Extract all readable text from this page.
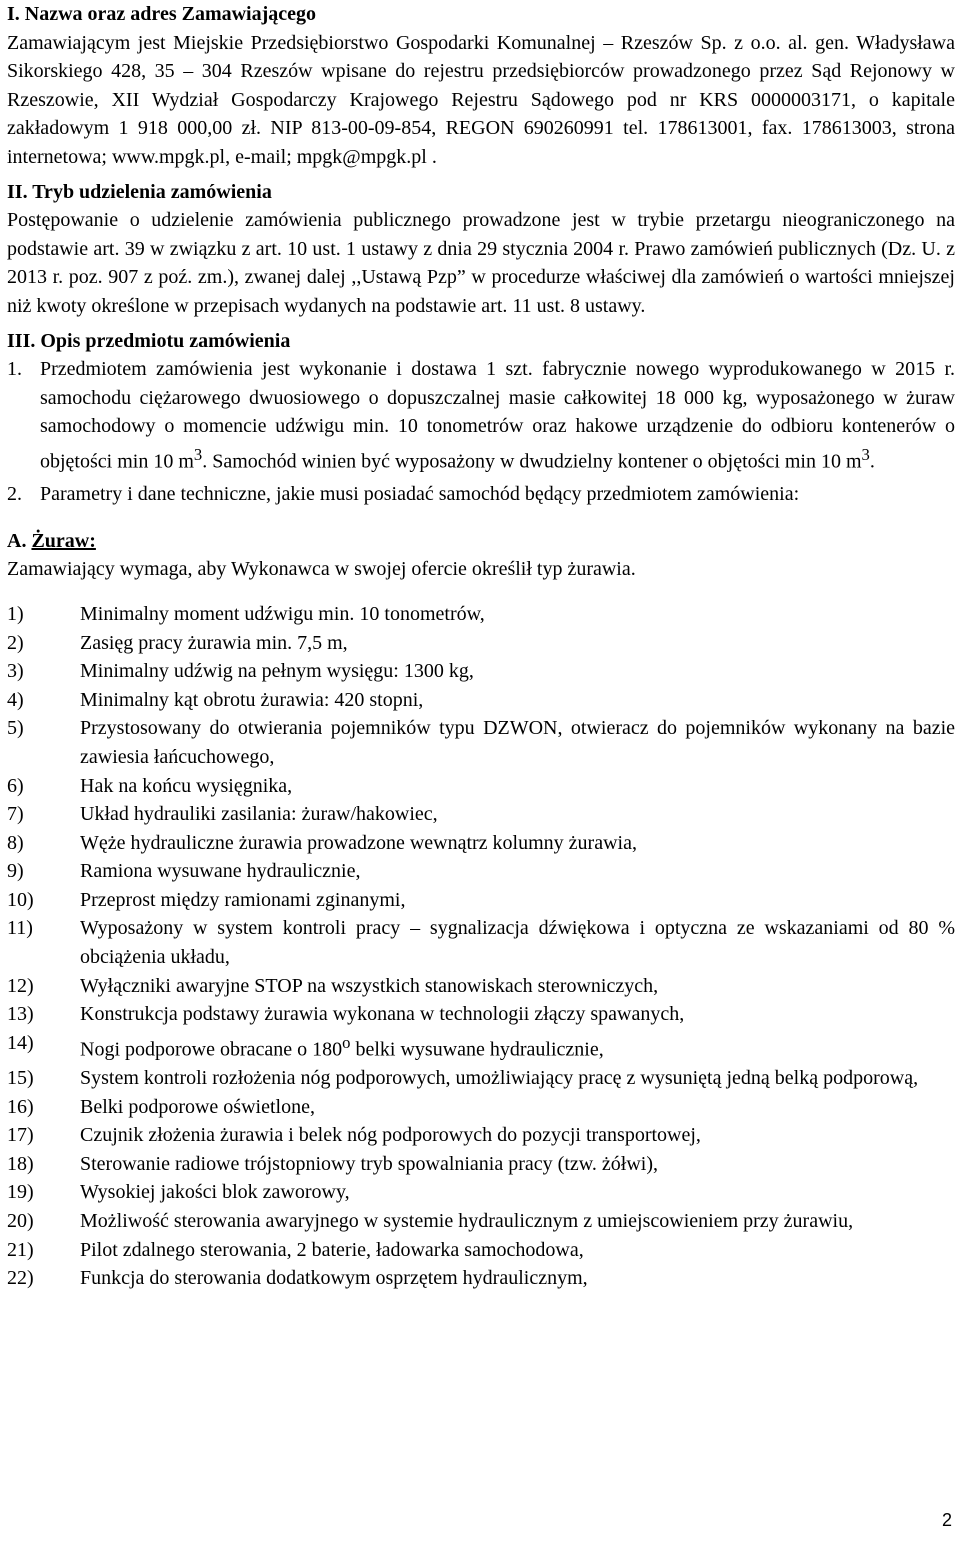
I. Nazwa oraz adres Zamawiającego

Zamawiającym jest Miejskie Przedsiębiorstwo Gospodarki Komunalnej – Rzeszów Sp. z o.o. al. gen. Władysława Sikorskiego 428, 35 – 304 Rzeszów wpisane do rejestru przedsiębiorców prowadzonego przez Sąd Rejonowy w Rzeszowie, XII Wydział Gospodarczy Krajowego Rejestru Sądowego pod nr KRS 0000003171, o kapitale zakładowym 1 918 000,00 zł. NIP 813-00-09-854, REGON 690260991 tel. 178613001, fax. 178613003, strona internetowa; www.mpgk.pl, e-mail; mpgk@mpgk.pl .

II. Tryb udzielenia zamówienia

Postępowanie o udzielenie zamówienia publicznego prowadzone jest w trybie przetargu nieograniczonego na podstawie art. 39 w związku z art. 10 ust. 1 ustawy z dnia 29 stycznia 2004 r. Prawo zamówień publicznych (Dz. U. z 2013 r. poz. 907 z poź. zm.), zwanej dalej ,,Ustawą Pzp” w procedurze właściwej dla zamówień o wartości mniejszej niż kwoty określone w przepisach wydanych na podstawie art. 11 ust. 8 ustawy.

III. Opis przedmiotu zamówienia
1. Przedmiotem zamówienia jest wykonanie i dostawa 1 szt. fabrycznie nowego wyprodukowanego w 2015 r. samochodu ciężarowego dwuosiowego o dopuszczalnej masie całkowitej 18 000 kg, wyposażonego w żuraw samochodowy o momencie udźwigu min. 10 tonometrów oraz hakowe urządzenie do odbioru kontenerów o objętości min 10 $m^3$. Samochód winien być wyposażony w dwudzielny kontener o objętości min 10 $m^3$.
2. Parametry i dane techniczne, jakie musi posiadać samochód będący przedmiotem zamówienia:
A. Żuraw:

Zamawiający wymaga, aby Wykonawca w swojej ofercie określił typ żurawia.

1)	Minimalny moment udźwigu min. 10 tonometrów,
2)	Zasięg pracy żurawia min. 7,5 m,
3)	Minimalny udźwig na pełnym wysięgu: 1300 kg,
4)	Minimalny kąt obrotu żurawia: 420 stopni,
5)	Przystosowany do otwierania pojemników typu DZWON, otwieracz do pojemników wykonany na bazie zawiesia łańcuchowego,
6)	Hak na końcu wysięgnika,
7)	Układ hydrauliki zasilania: żuraw/hakowiec,
8)	Węże hydrauliczne żurawia prowadzone wewnątrz kolumny żurawia,
9)	Ramiona wysuwane hydraulicznie,
10)	Przeprost między ramionami zginanymi,
11)	Wyposażony w system kontroli pracy – sygnalizacja dźwiękowa i optyczna ze wskazaniami od 80 % obciążenia układu,
12)	Wyłączniki awaryjne STOP na wszystkich stanowiskach sterowniczych,
13)	Konstrukcja podstawy żurawia wykonana w technologii złączy spawanych,
14)	Nogi podporowe obracane o 180$^o$ belki wysuwane hydraulicznie,
15)	System kontroli rozłożenia nóg podporowych, umożliwiający pracę z wysuniętą jedną belką podporową,
16)	Belki podporowe oświetlone,
17)	Czujnik złożenia żurawia i belek nóg podporowych do pozycji transportowej,
18)	Sterowanie radiowe trójstopniowy tryb spowalniania pracy (tzw. żółwi),
19)	Wysokiej jakości blok zaworowy,
20)	Możliwość sterowania awaryjnego w systemie hydraulicznym z umiejscowieniem przy żurawiu,
21)	Pilot zdalnego sterowania, 2 baterie, ładowarka samochodowa,
22)	Funkcja do sterowania dodatkowym osprzętem hydraulicznym,
2
